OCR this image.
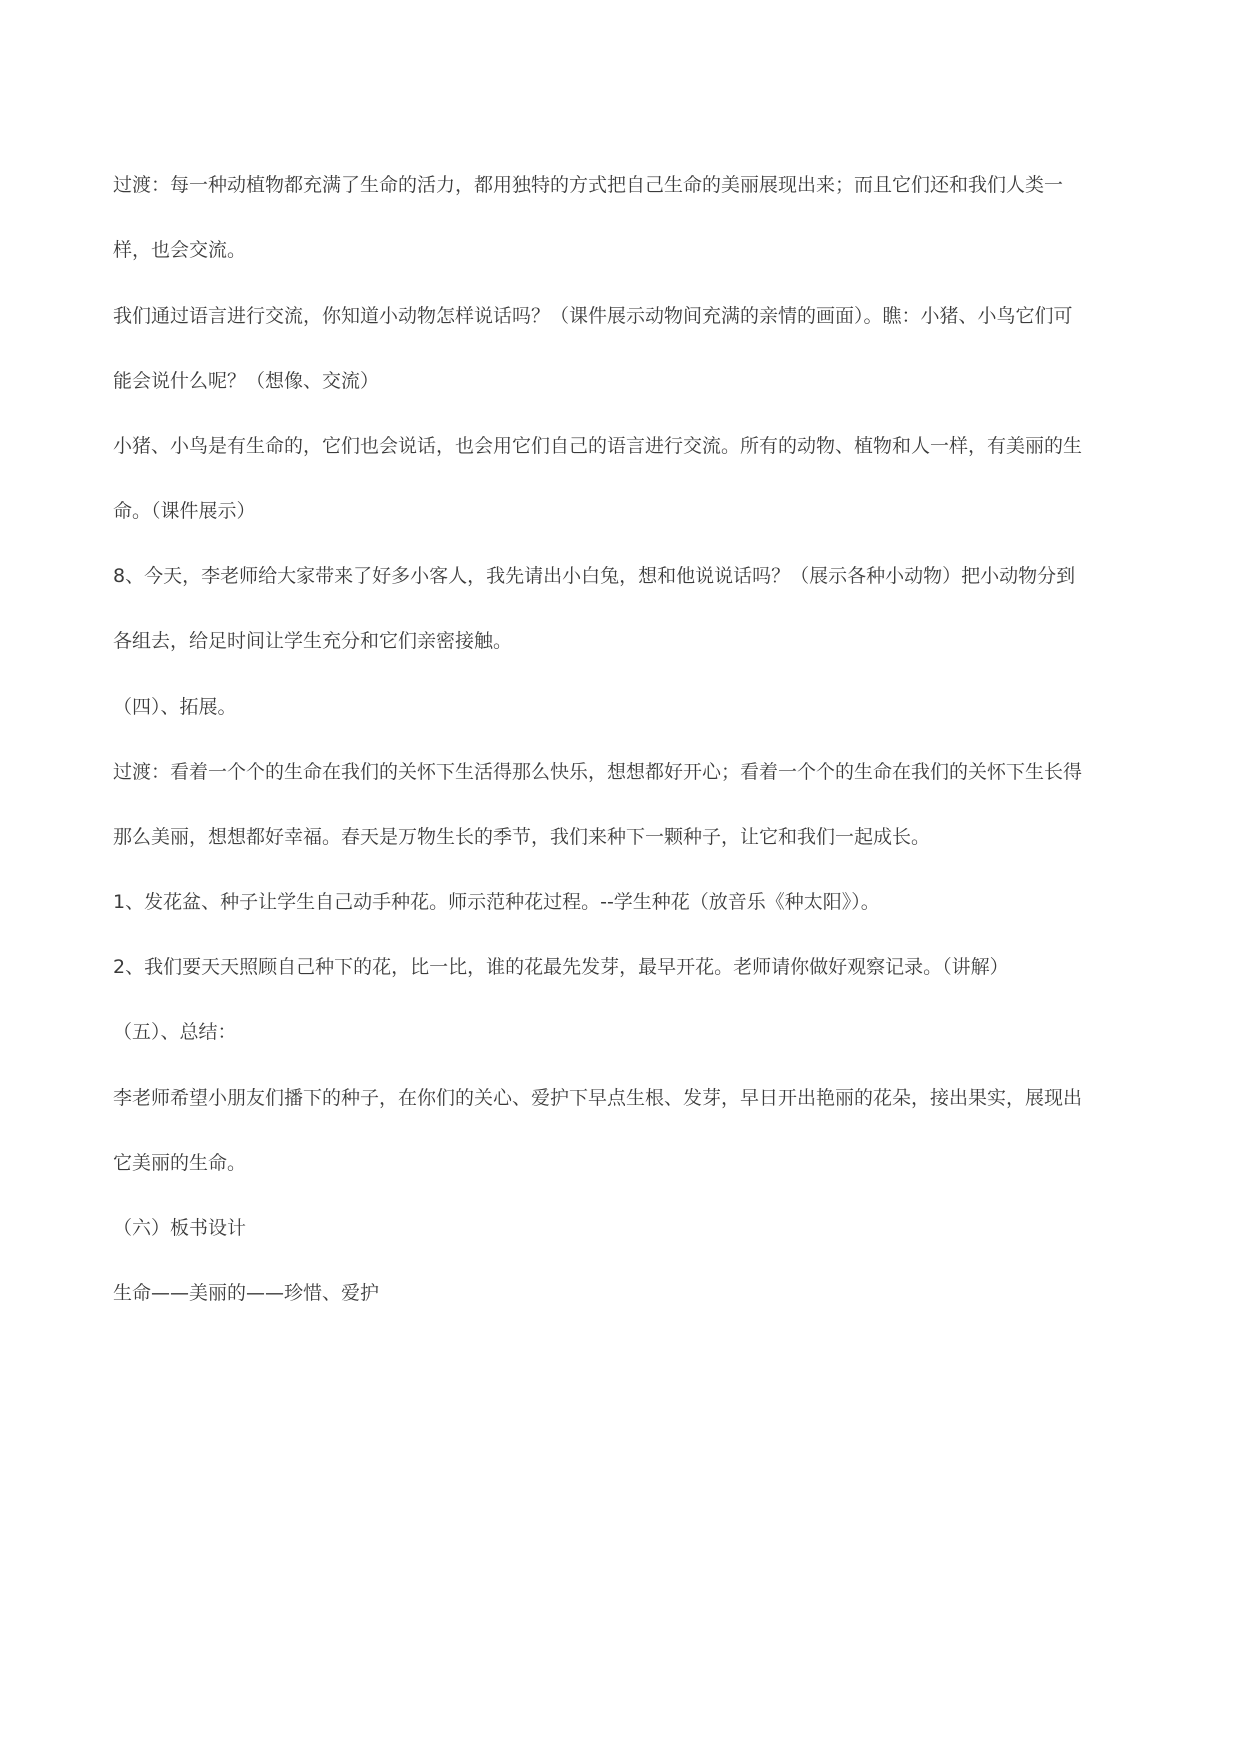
过渡：每一种动植物都充满了生命的活力，都用独特的方式把自己生命的美丽展现出来；而且它们还和我们人类一

样，也会交流。

我们通过语言进行交流，你知道小动物怎样说话吗？（课件展示动物间充满的亲情的画面）。瞧：小猪、小鸟它们可

能会说什么呢？（想像、交流）

小猪、小鸟是有生命的，它们也会说话，也会用它们自己的语言进行交流。所有的动物、植物和人一样，有美丽的生

命。（课件展示）

8、今天，李老师给大家带来了好多小客人，我先请出小白兔，想和他说说话吗？（展示各种小动物）把小动物分到

各组去，给足时间让学生充分和它们亲密接触。

（四）、拓展。

过渡：看着一个个的生命在我们的关怀下生活得那么快乐，想想都好开心；看着一个个的生命在我们的关怀下生长得

那么美丽，想想都好幸福。春天是万物生长的季节，我们来种下一颗种子，让它和我们一起成长。

1、发花盆、种子让学生自己动手种花。师示范种花过程。--学生种花（放音乐《种太阳》）。

2、我们要天天照顾自己种下的花，比一比，谁的花最先发芽，最早开花。老师请你做好观察记录。（讲解）

（五）、总结：

李老师希望小朋友们播下的种子，在你们的关心、爱护下早点生根、发芽，早日开出艳丽的花朵，接出果实，展现出

它美丽的生命。

（六）板书设计

生命——美丽的——珍惜、爱护
